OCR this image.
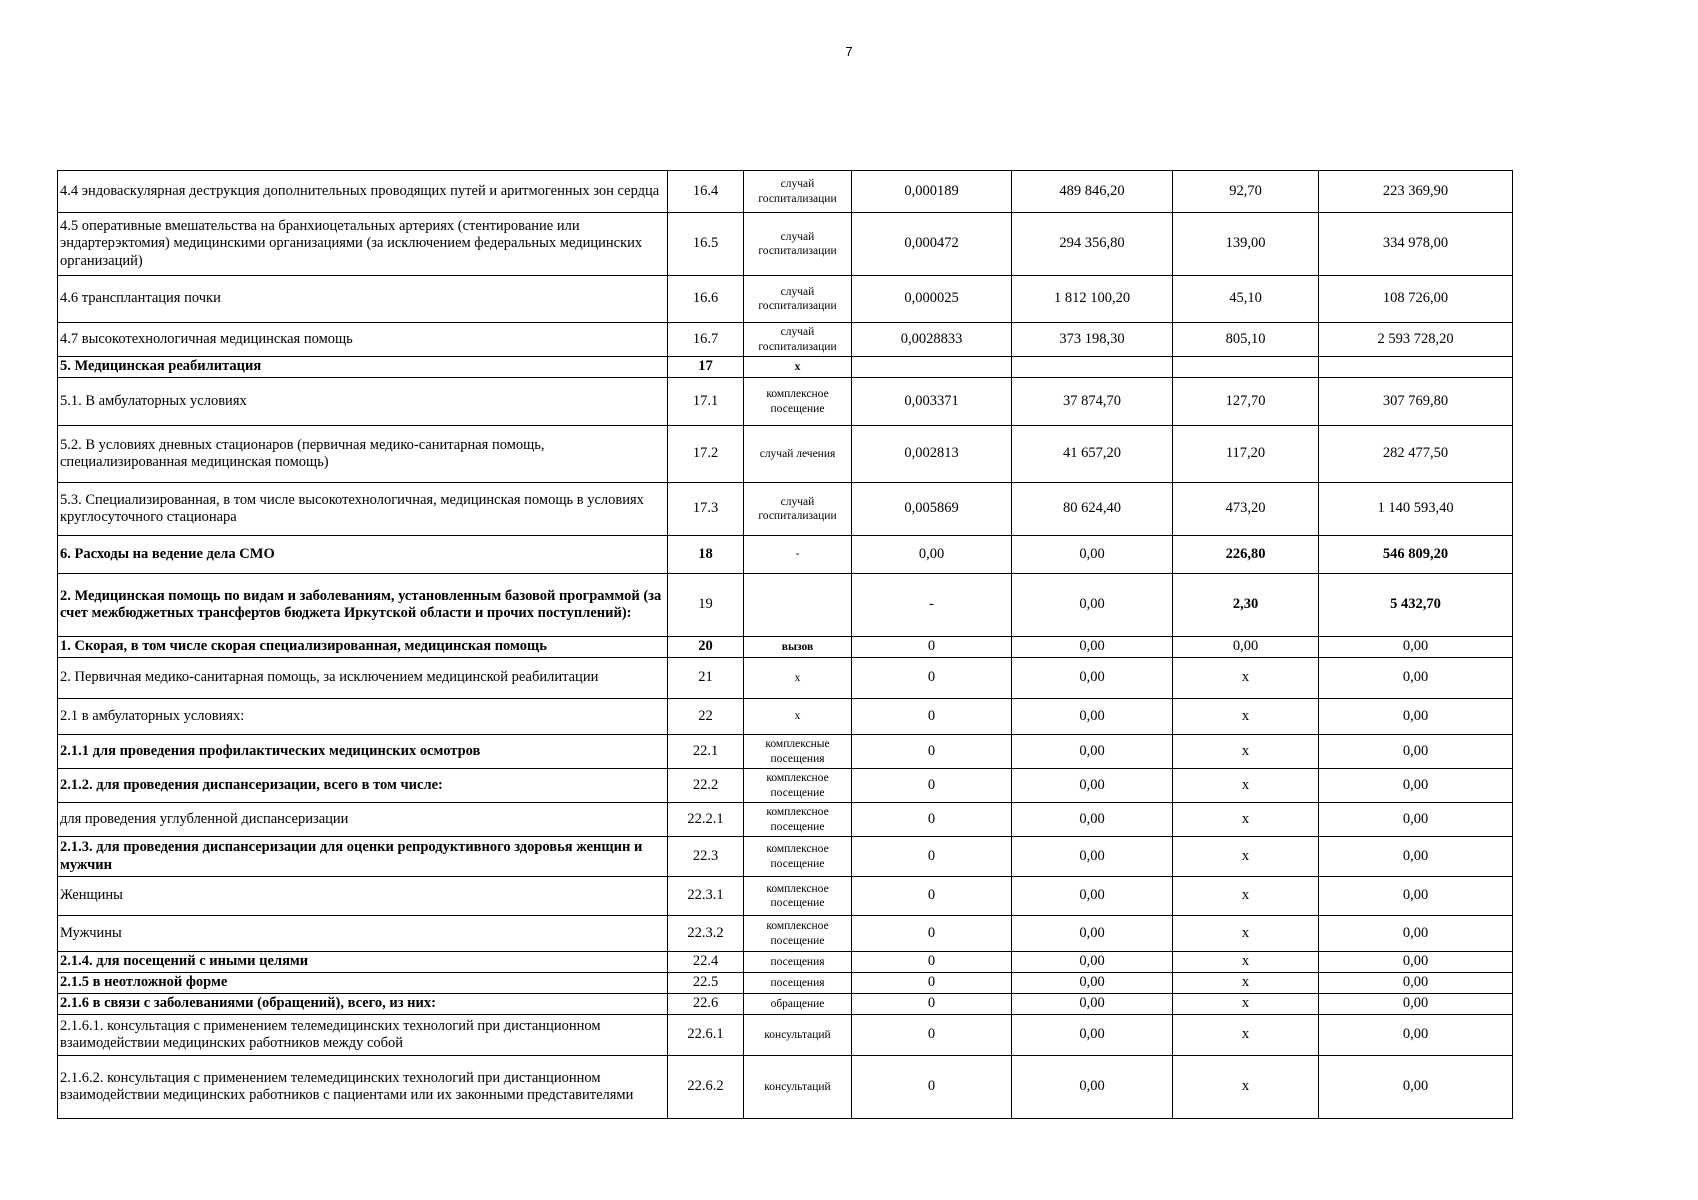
7
4.4 эндоваскулярная деструкция дополнительных проводящих путей и аритмогенных зон сердца	16.4	случай госпитализации	0,000189	489 846,20	92,70	223 369,90
4.5 оперативные вмешательства на бранхиоцетальных артериях (стентирование или эндартерэктомия) медицинскими организациями (за исключением федеральных медицинских организаций)	16.5	случай госпитализации	0,000472	294 356,80	139,00	334 978,00
4.6 трансплантация почки	16.6	случай госпитализации	0,000025	1 812 100,20	45,10	108 726,00
4.7 высокотехнологичная медицинская помощь	16.7	случай госпитализации	0,0028833	373 198,30	805,10	2 593 728,20
5. Медицинская реабилитация	17	x				
5.1. В амбулаторных условиях	17.1	комплексное посещение	0,003371	37 874,70	127,70	307 769,80
5.2. В условиях дневных стационаров (первичная медико-санитарная помощь, специализированная медицинская помощь)	17.2	случай лечения	0,002813	41 657,20	117,20	282 477,50
5.3. Специализированная, в том числе высокотехнологичная, медицинская помощь в условиях круглосуточного стационара	17.3	случай госпитализации	0,005869	80 624,40	473,20	1 140 593,40
6. Расходы на ведение дела СМО	18	-	0,00	0,00	226,80	546 809,20
2. Медицинская помощь по видам и заболеваниям, установленным базовой программой (за счет межбюджетных трансфертов бюджета Иркутской области и прочих поступлений):	19		-	0,00	2,30	5 432,70
1. Скорая, в том числе скорая специализированная, медицинская помощь	20	вызов	0	0,00	0,00	0,00
2. Первичная медико-санитарная помощь, за исключением медицинской реабилитации	21	x	0	0,00	x	0,00
2.1 в амбулаторных условиях:	22	x	0	0,00	x	0,00
2.1.1 для проведения профилактических медицинских осмотров	22.1	комплексные посещения	0	0,00	x	0,00
2.1.2. для проведения диспансеризации, всего в том числе:	22.2	комплексное посещение	0	0,00	x	0,00
для проведения углубленной диспансеризации	22.2.1	комплексное посещение	0	0,00	x	0,00
2.1.3. для проведения диспансеризации для оценки репродуктивного здоровья женщин и мужчин	22.3	комплексное посещение	0	0,00	x	0,00
Женщины	22.3.1	комплексное посещение	0	0,00	x	0,00
Мужчины	22.3.2	комплексное посещение	0	0,00	x	0,00
2.1.4. для посещений с иными целями	22.4	посещения	0	0,00	x	0,00
2.1.5 в неотложной форме	22.5	посещения	0	0,00	x	0,00
2.1.6 в связи с заболеваниями (обращений), всего, из них:	22.6	обращение	0	0,00	x	0,00
2.1.6.1. консультация с применением телемедицинских технологий при дистанционном взаимодействии медицинских работников между собой	22.6.1	консультаций	0	0,00	x	0,00
2.1.6.2. консультация с применением телемедицинских технологий при дистанционном взаимодействии медицинских работников с пациентами или их законными представителями	22.6.2	консультаций	0	0,00	x	0,00
